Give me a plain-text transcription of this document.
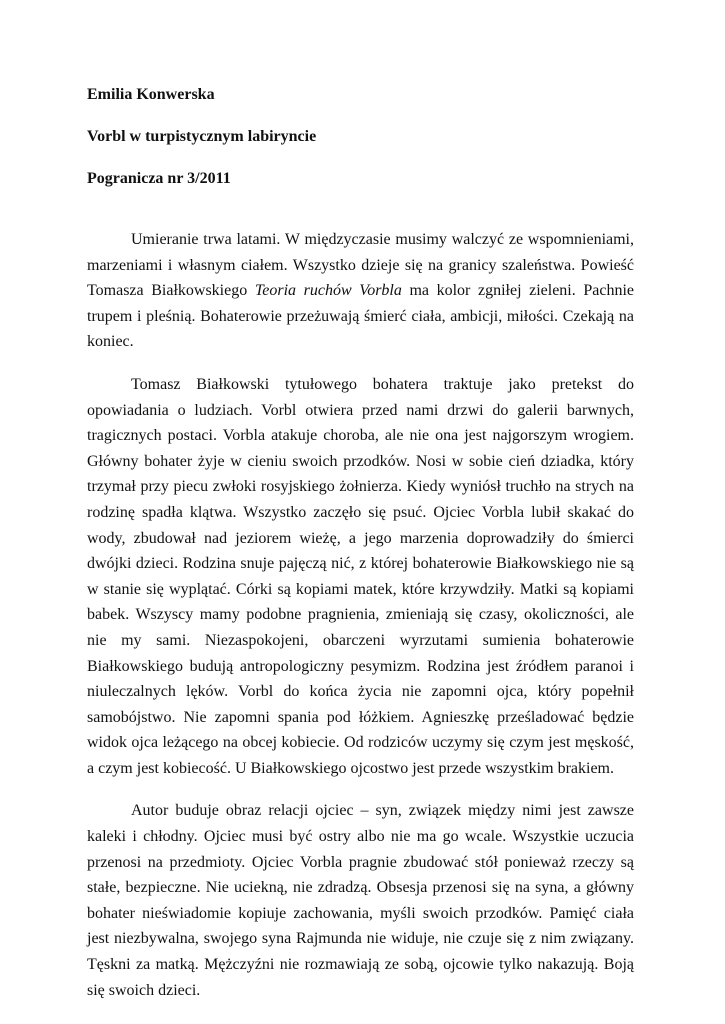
Emilia Konwerska

Vorbl w turpistycznym labiryncie

Pogranicza nr 3/2011

Umieranie trwa latami. W międzyczasie musimy walczyć ze wspomnieniami, marzeniami i własnym ciałem. Wszystko dzieje się na granicy szaleństwa. Powieść Tomasza Białkowskiego Teoria ruchów Vorbla ma kolor zgniłej zieleni. Pachnie trupem i pleśnią. Bohaterowie przeżuwają śmierć ciała, ambicji, miłości. Czekają na koniec.

Tomasz Białkowski tytułowego bohatera traktuje jako pretekst do opowiadania o ludziach. Vorbl otwiera przed nami drzwi do galerii barwnych, tragicznych postaci. Vorbla atakuje choroba, ale nie ona jest najgorszym wrogiem. Główny bohater żyje w cieniu swoich przodków. Nosi w sobie cień dziadka, który trzymał przy piecu zwłoki rosyjskiego żołnierza. Kiedy wyniósł truchło na strych na rodzinę spadła klątwa. Wszystko zaczęło się psuć. Ojciec Vorbla lubił skakać do wody, zbudował nad jeziorem wieżę, a jego marzenia doprowadziły do śmierci dwójki dzieci. Rodzina snuje pajęczą nić, z której bohaterowie Białkowskiego nie są w stanie się wyplątać. Córki są kopiami matek, które krzywdziły. Matki są kopiami babek. Wszyscy mamy podobne pragnienia, zmieniają się czasy, okoliczności, ale nie my sami. Niezaspokojeni, obarczeni wyrzutami sumienia bohaterowie Białkowskiego budują antropologiczny pesymizm. Rodzina jest źródłem paranoi i niuleczalnych lęków. Vorbl do końca życia nie zapomni ojca, który popełnił samobójstwo. Nie zapomni spania pod łóżkiem. Agnieszkę prześladować będzie widok ojca leżącego na obcej kobiecie. Od rodziców uczymy się czym jest męskość, a czym jest kobiecość. U Białkowskiego ojcostwo jest przede wszystkim brakiem.

Autor buduje obraz relacji ojciec – syn, związek między nimi jest zawsze kaleki i chłodny. Ojciec musi być ostry albo nie ma go wcale. Wszystkie uczucia przenosi na przedmioty. Ojciec Vorbla pragnie zbudować stół ponieważ rzeczy są stałe, bezpieczne. Nie uciekną, nie zdradzą. Obsesja przenosi się na syna, a główny bohater nieświadomie kopiuje zachowania, myśli swoich przodków. Pamięć ciała jest niezbywalna, swojego syna Rajmunda nie widuje, nie czuje się z nim związany. Tęskni za matką. Mężczyźni nie rozmawiają ze sobą, ojcowie tylko nakazują. Boją się swoich dzieci.
